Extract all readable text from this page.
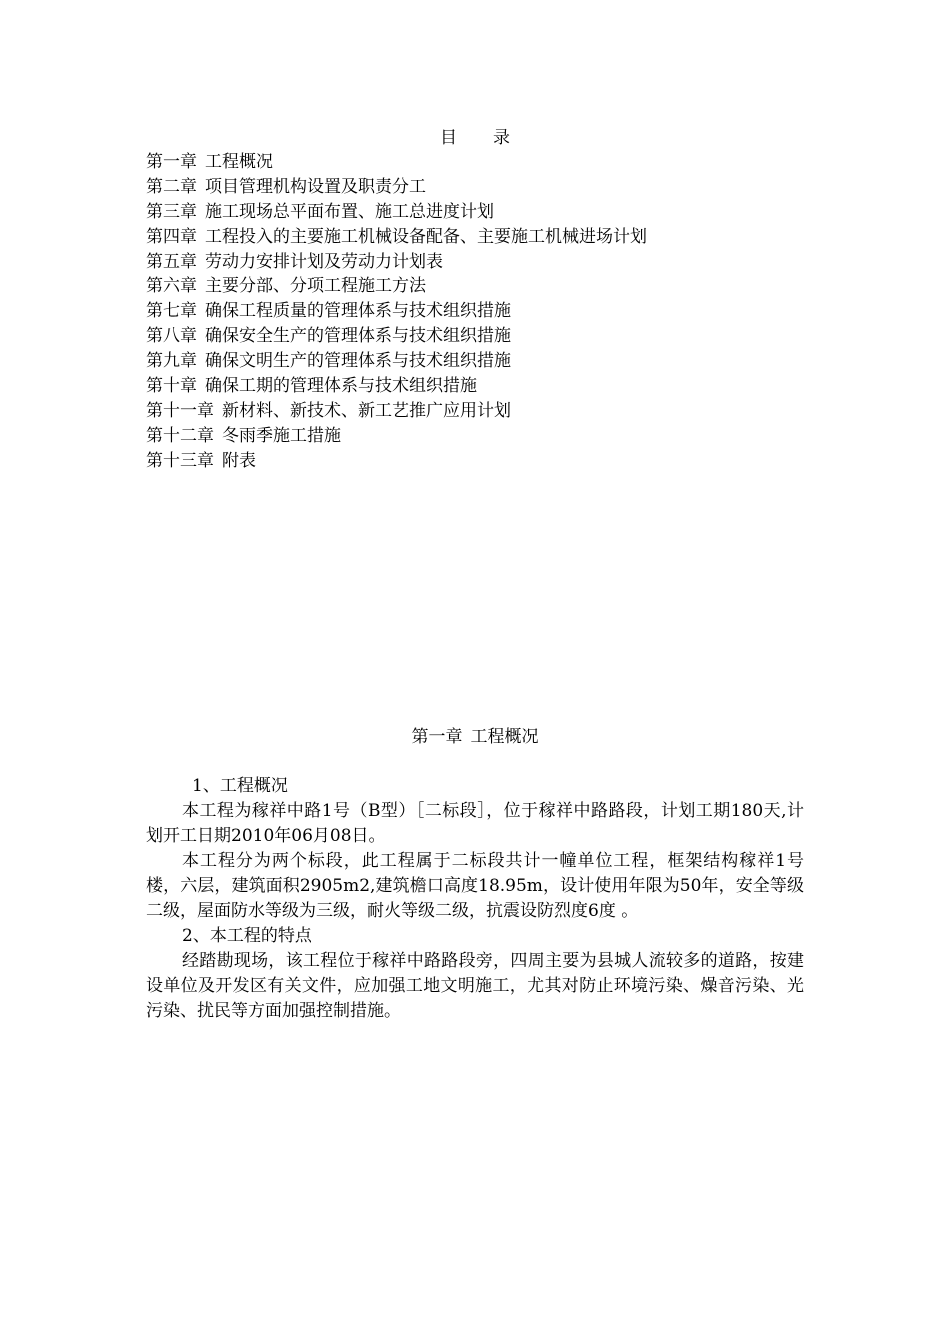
目 录
第一章 工程概况
第二章 项目管理机构设置及职责分工
第三章 施工现场总平面布置、施工总进度计划
第四章 工程投入的主要施工机械设备配备、主要施工机械进场计划
第五章 劳动力安排计划及劳动力计划表
第六章 主要分部、分项工程施工方法
第七章 确保工程质量的管理体系与技术组织措施
第八章 确保安全生产的管理体系与技术组织措施
第九章 确保文明生产的管理体系与技术组织措施
第十章 确保工期的管理体系与技术组织措施
第十一章 新材料、新技术、新工艺推广应用计划
第十二章 冬雨季施工措施
第十三章 附表
第一章 工程概况

1、工程概况

本工程为稼祥中路1号（B型）［二标段］，位于稼祥中路路段，计划工期180天,计划开工日期2010年06月08日。

本工程分为两个标段，此工程属于二标段共计一幢单位工程，框架结构稼祥1号楼，六层，建筑面积2905m2,建筑檐口高度18.95m，设计使用年限为50年，安全等级二级，屋面防水等级为三级，耐火等级二级，抗震设防烈度6度 。

2、本工程的特点

经踏勘现场，该工程位于稼祥中路路段旁，四周主要为县城人流较多的道路，按建设单位及开发区有关文件，应加强工地文明施工，尤其对防止环境污染、燥音污染、光污染、扰民等方面加强控制措施。
